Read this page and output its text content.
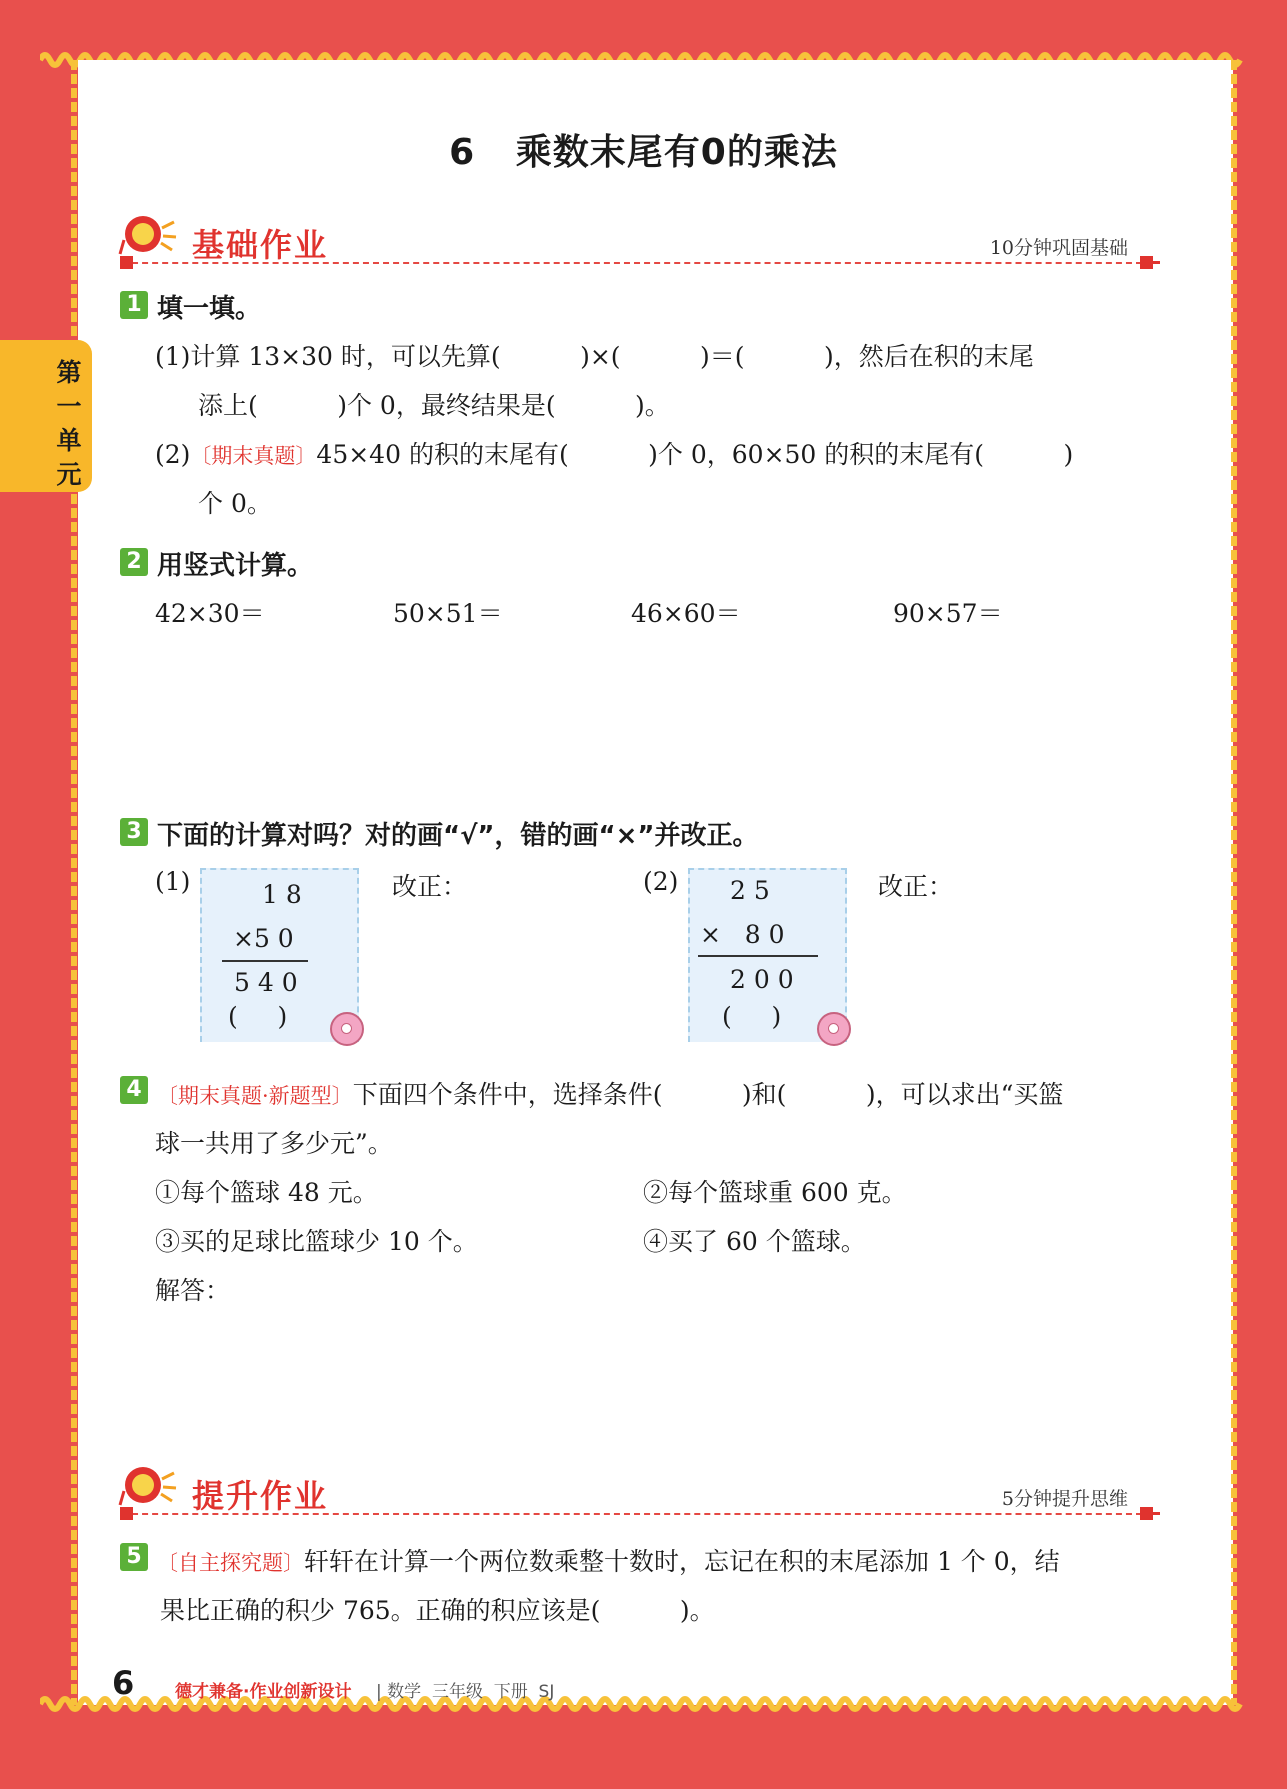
第一单元
6   乘数末尾有0的乘法
基础作业	10分钟巩固基础
1 填一填。
(1)计算 13×30 时，可以先算(          )×(          )＝(          )，然后在积的末尾
添上(          )个 0，最终结果是(          )。
(2)〔期末真题〕45×40 的积的末尾有(          )个 0，60×50 的积的末尾有(          )
个 0。
2 用竖式计算。
42×30＝	50×51＝	46×60＝	90×57＝
3 下面的计算对吗？对的画“√”，错的画“×”并改正。
(1)	1 8
×5 0
5 4 0
(     )
改正：	(2) 2 5
×   8 0
2 0 0
(     )
改正：
4 〔期末真题·新题型〕下面四个条件中，选择条件(          )和(          )，可以求出“买篮
球一共用了多少元”。
①每个篮球 48 元。	②每个篮球重 600 克。
③买的足球比篮球少 10 个。	④买了 60 个篮球。
解答：
提升作业	5分钟提升思维
5 〔自主探究题〕轩轩在计算一个两位数乘整十数时，忘记在积的末尾添加 1 个 0，结
果比正确的积少 765。正确的积应该是(          )。
6 德才兼备·作业创新设计 | 数学  三年级  下册  SJ
